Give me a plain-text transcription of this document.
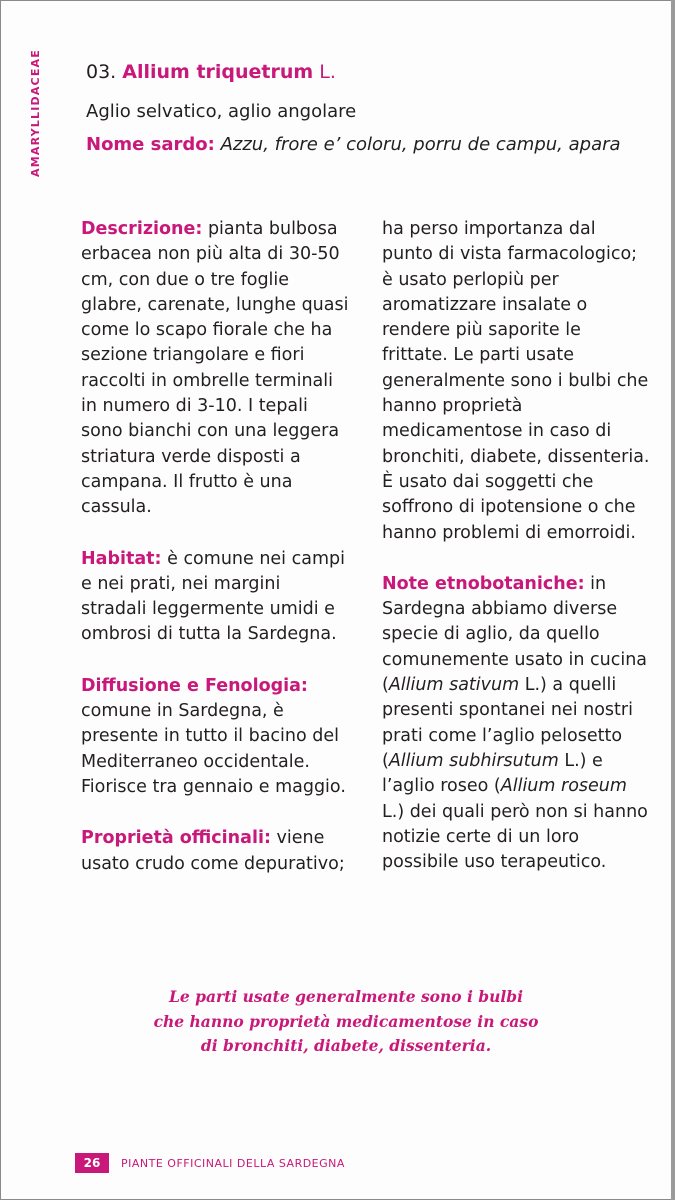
AMARYLLIDACEAE 03. Allium triquetrum L.
Aglio selvatico, aglio angolare
Nome sardo: Azzu, frore e’ coloru, porru de campu, apara

Descrizione: pianta bulbosa erbacea non più alta di 30-50 cm, con due o tre foglie glabre, carenate, lunghe quasi come lo scapo fiorale che ha sezione triangolare e fiori raccolti in ombrelle terminali in numero di 3-10. I tepali sono bianchi con una leggera striatura verde disposti a campana. Il frutto è una cassula.

Habitat: è comune nei campi e nei prati, nei margini stradali leggermente umidi e ombrosi di tutta la Sardegna.

Diffusione e Fenologia:
comune in Sardegna, è presente in tutto il bacino del Mediterraneo occidentale. Fiorisce tra gennaio e maggio.

Proprietà officinali: viene usato crudo come depurativo;

ha perso importanza dal punto di vista farmacologico; è usato perlopiù per aromatizzare insalate o rendere più saporite le frittate. Le parti usate generalmente sono i bulbi che hanno proprietà medicamentose in caso di bronchiti, diabete, dissenteria. È usato dai soggetti che soffrono di ipotensione o che hanno problemi di emorroidi.

Note etnobotaniche: in Sardegna abbiamo diverse specie di aglio, da quello comunemente usato in cucina (Allium sativum L.) a quelli presenti spontanei nei nostri prati come l’aglio pelosetto (Allium subhirsutum L.) e l’aglio roseo (Allium roseum L.) dei quali però non si hanno notizie certe di un loro possibile uso terapeutico.

Le parti usate generalmente sono i bulbi
che hanno proprietà medicamentose in caso
di bronchiti, diabete, dissenteria.
26	PIANTE OFFICINALI DELLA SARDEGNA
